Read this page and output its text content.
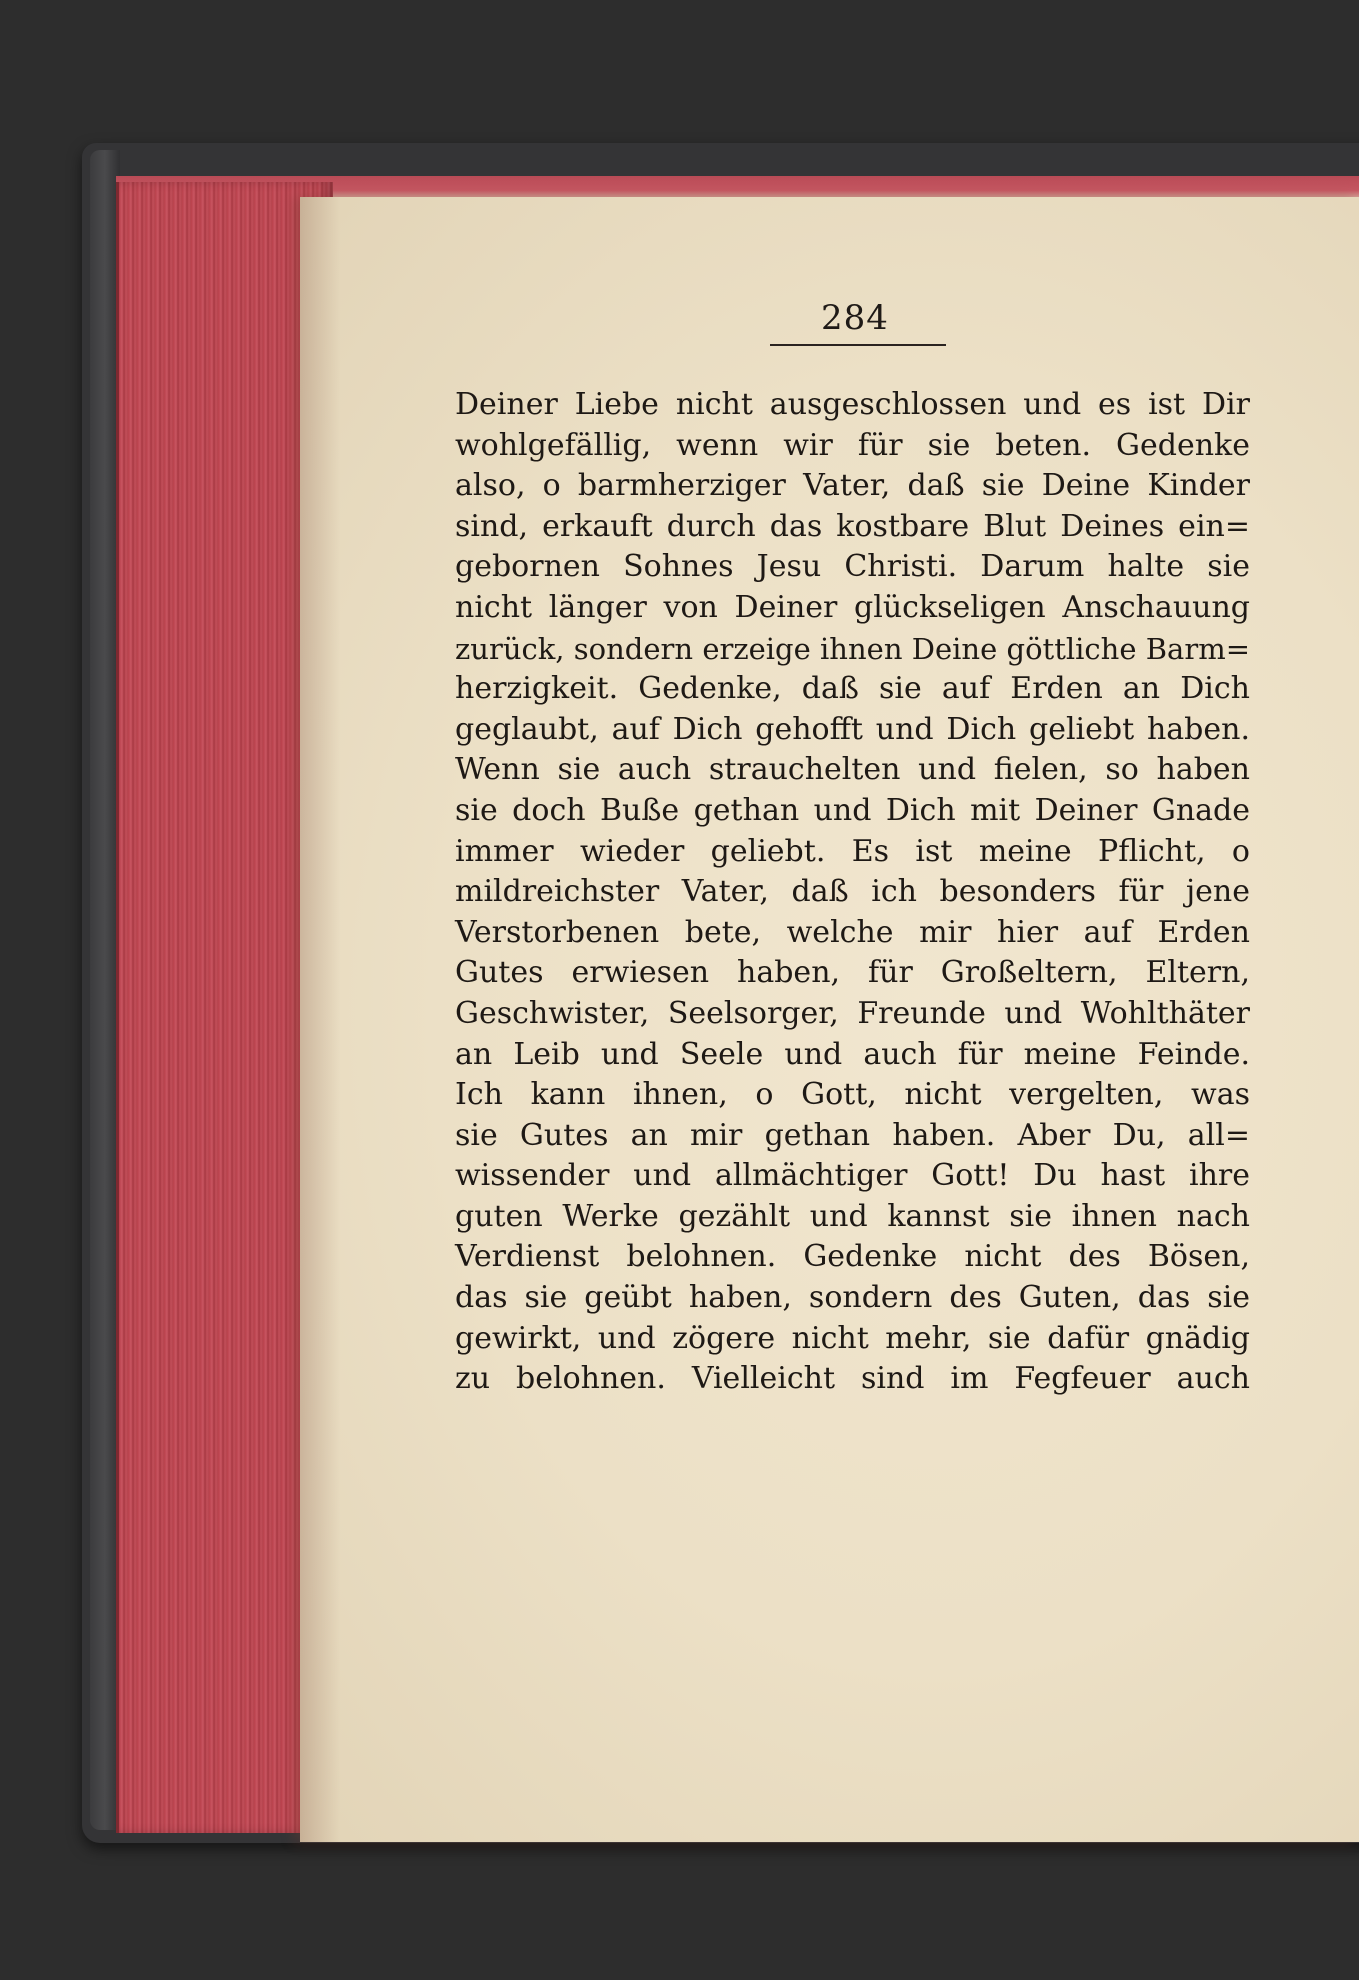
284
Deiner Liebe nicht ausgeschlossen und es ist Dir
wohlgefällig, wenn wir für sie beten. Gedenke
also, o barmherziger Vater, daß sie Deine Kinder
sind, erkauft durch das kostbare Blut Deines ein=
gebornen Sohnes Jesu Christi. Darum halte sie
nicht länger von Deiner glückseligen Anschauung
zurück, sondern erzeige ihnen Deine göttliche Barm=
herzigkeit. Gedenke, daß sie auf Erden an Dich
geglaubt, auf Dich gehofft und Dich geliebt haben.
Wenn sie auch strauchelten und fielen, so haben
sie doch Buße gethan und Dich mit Deiner Gnade
immer wieder geliebt. Es ist meine Pflicht, o
mildreichster Vater, daß ich besonders für jene
Verstorbenen bete, welche mir hier auf Erden
Gutes erwiesen haben, für Großeltern, Eltern,
Geschwister, Seelsorger, Freunde und Wohlthäter
an Leib und Seele und auch für meine Feinde.
Ich kann ihnen, o Gott, nicht vergelten, was
sie Gutes an mir gethan haben. Aber Du, all=
wissender und allmächtiger Gott! Du hast ihre
guten Werke gezählt und kannst sie ihnen nach
Verdienst belohnen. Gedenke nicht des Bösen,
das sie geübt haben, sondern des Guten, das sie
gewirkt, und zögere nicht mehr, sie dafür gnädig
zu belohnen. Vielleicht sind im Fegfeuer auch
